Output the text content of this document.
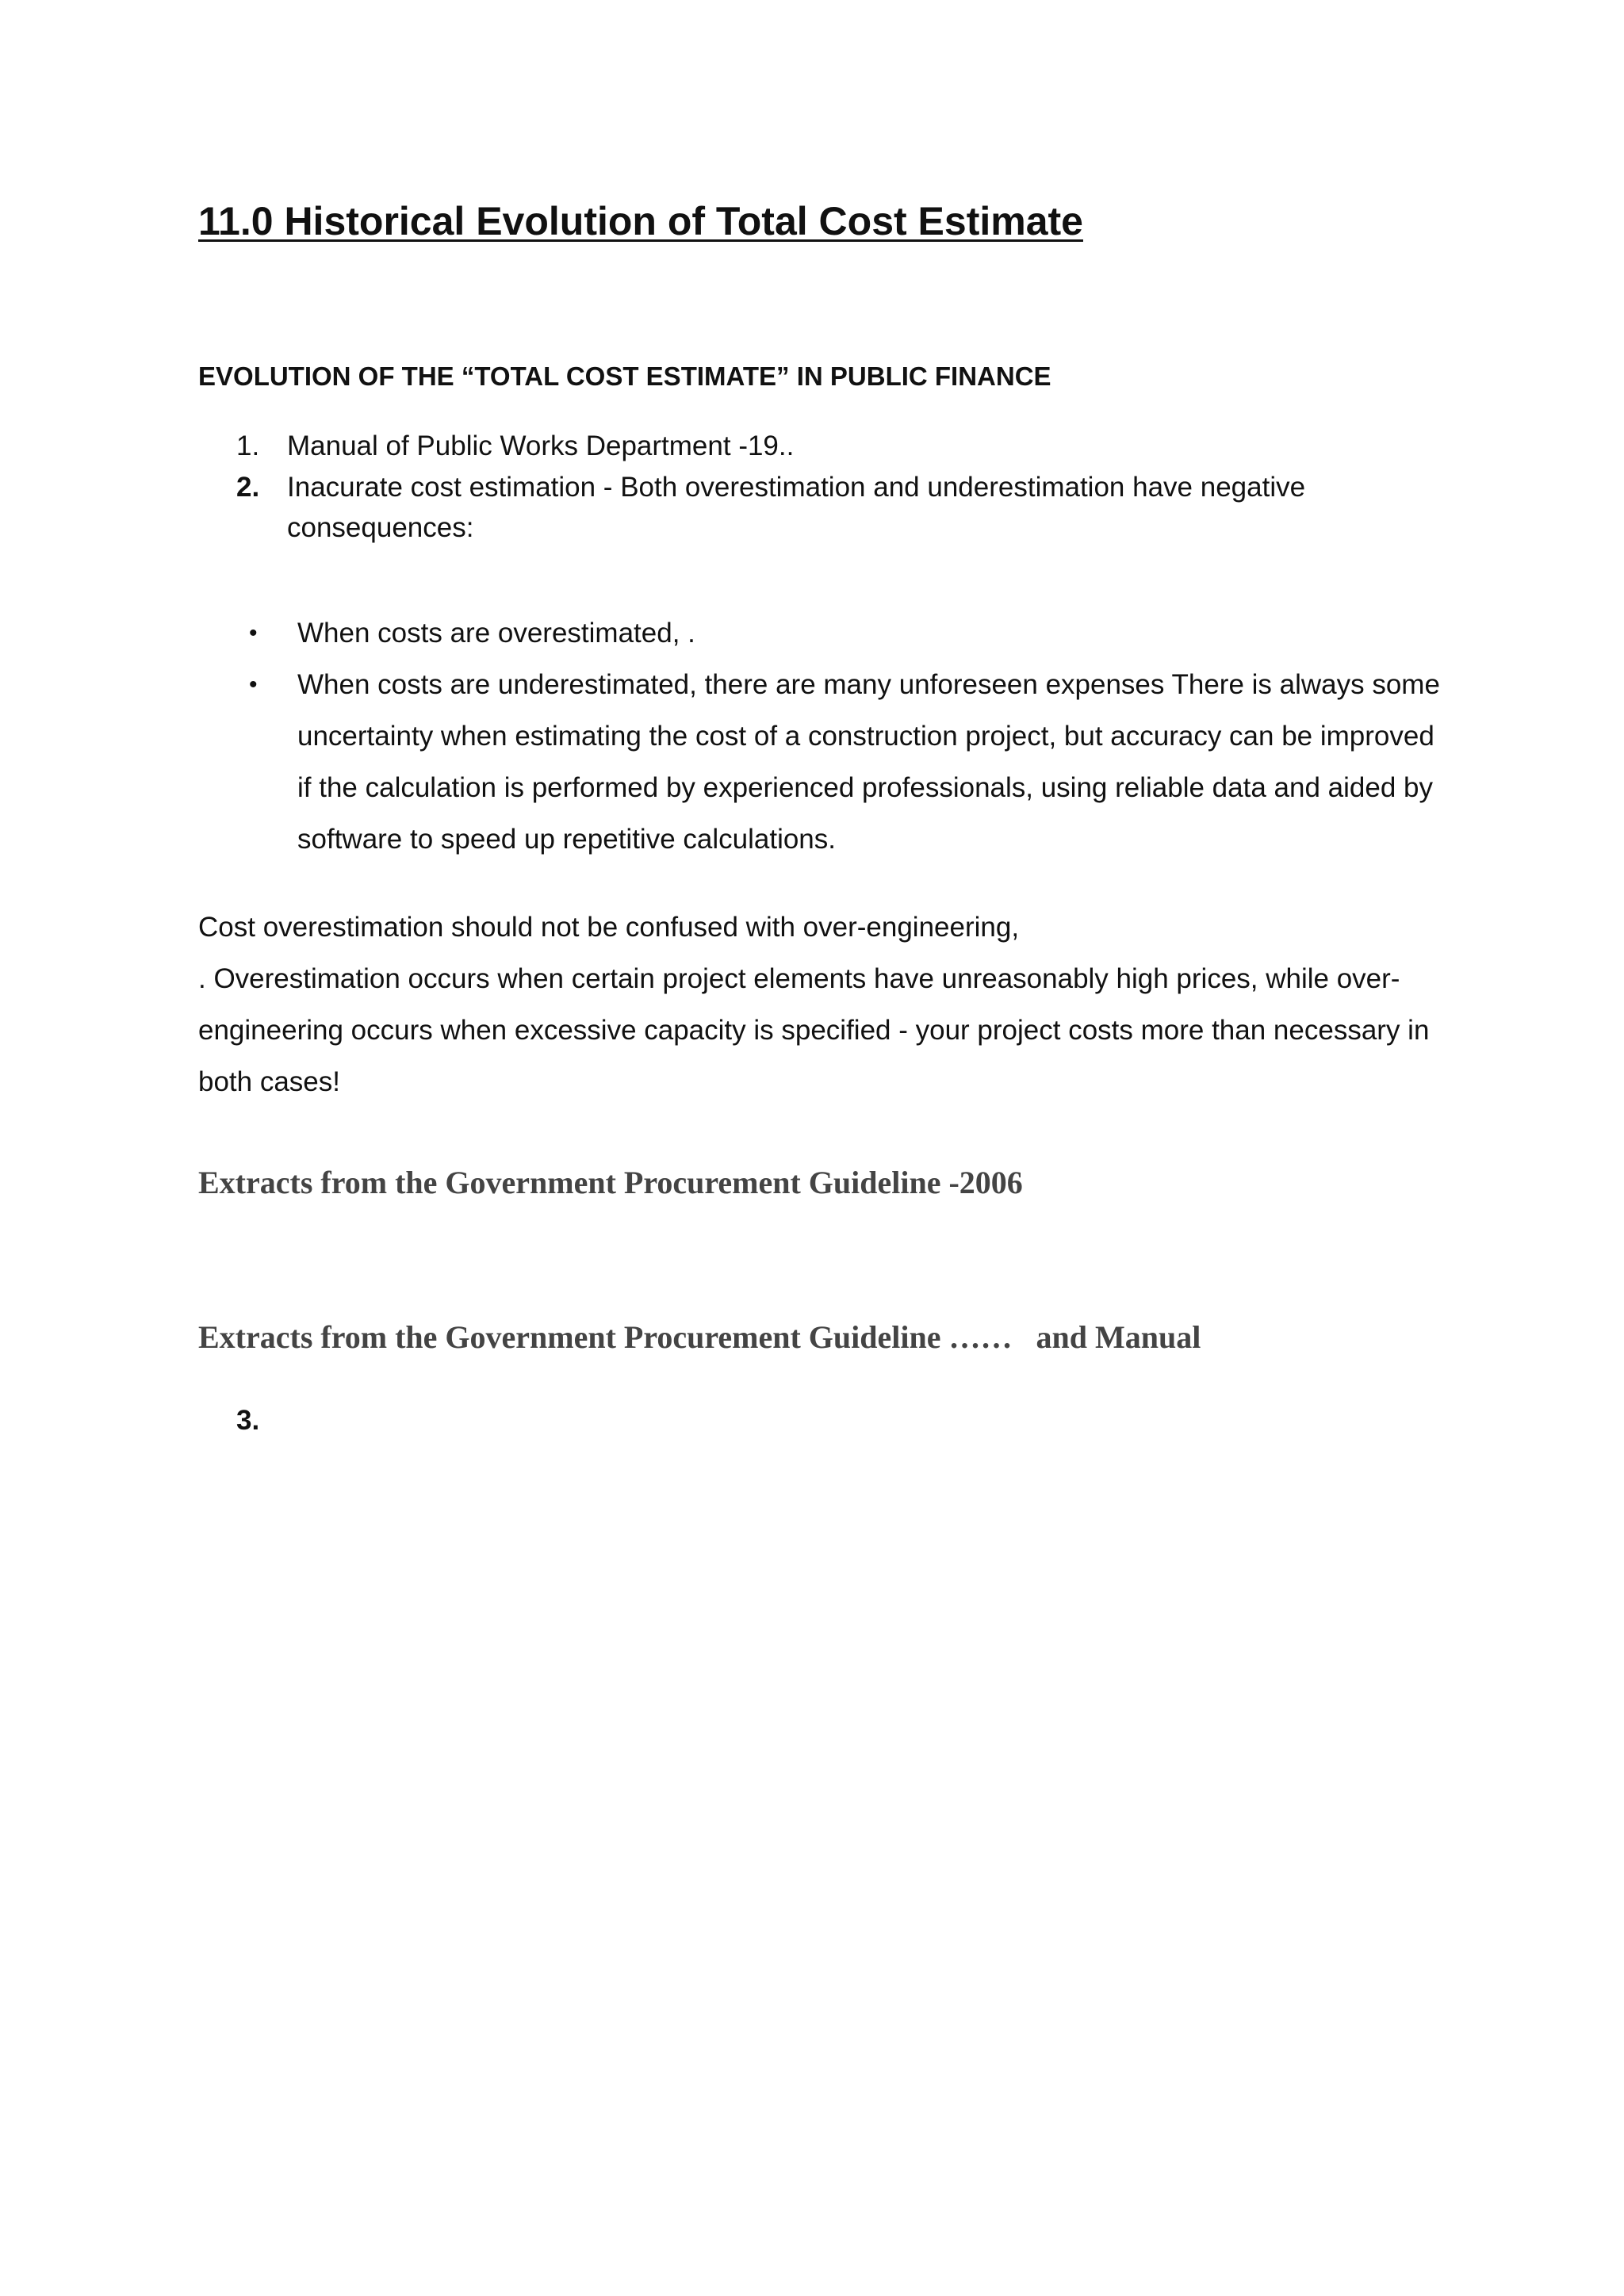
11.0 Historical Evolution of Total Cost Estimate
EVOLUTION OF THE “TOTAL COST ESTIMATE” IN PUBLIC FINANCE
1. Manual of Public Works Department -19..
2. Inacurate cost estimation - Both overestimation and underestimation have negative consequences:
• When costs are overestimated, .
• When costs are underestimated, there are many unforeseen expenses There is always some uncertainty when estimating the cost of a construction project, but accuracy can be improved if the calculation is performed by experienced professionals, using reliable data and aided by software to speed up repetitive calculations.

Cost overestimation should not be confused with over-engineering,

. Overestimation occurs when certain project elements have unreasonably high prices, while over-engineering occurs when excessive capacity is specified - your project costs more than necessary in both cases!

Extracts from the Government Procurement Guideline -2006
Extracts from the Government Procurement Guideline ……   and Manual
3.
